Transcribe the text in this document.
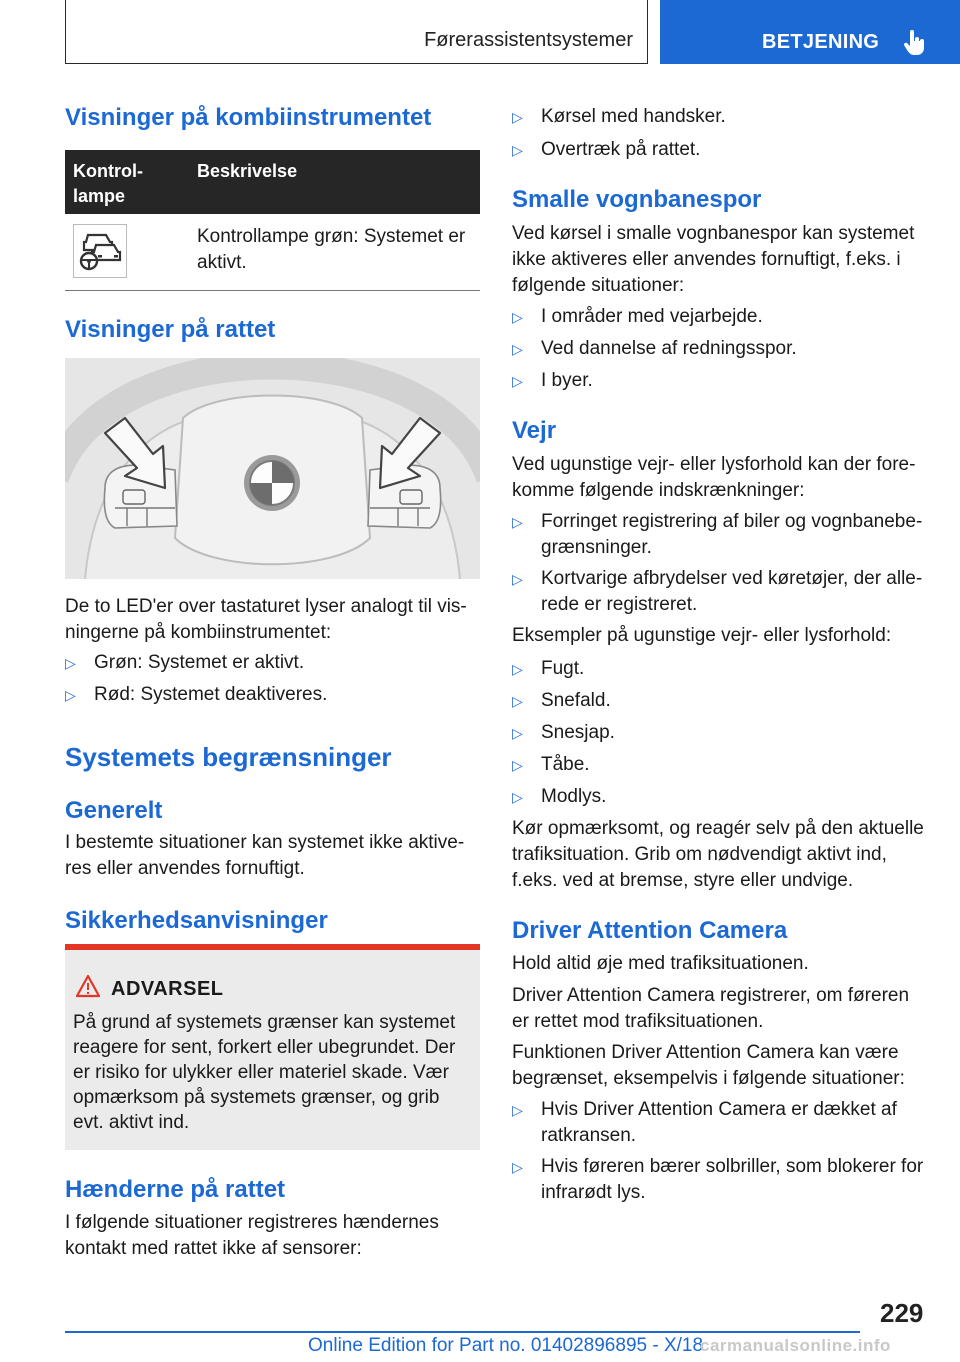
Førerassistentsystemer	BETJENING
Visninger på kombiinstrumentet
Kontrol-
lampe
Beskrivelse

Kontrollampe grøn: Systemet er aktivt.

Visninger på rattet

De to LED'er over tastaturet lyser analogt til vis-ningerne på kombiinstrumentet:

▷ Grøn: Systemet er aktivt.
▷ Rød: Systemet deaktiveres.
Systemets begrænsninger
Generelt

I bestemte situationer kan systemet ikke aktive-res eller anvendes fornuftigt.

Sikkerhedsanvisninger
ADVARSEL
På grund af systemets grænser kan systemet reagere for sent, forkert eller ubegrundet. Der er risiko for ulykker eller materiel skade. Vær opmærksom på systemets grænser, og grib evt. aktivt ind.
Hænderne på rattet

I følgende situationer registreres hændernes kontakt med rattet ikke af sensorer:

▷ Kørsel med handsker.
▷ Overtræk på rattet.
Smalle vognbanespor

Ved kørsel i smalle vognbanespor kan systemet ikke aktiveres eller anvendes fornuftigt, f.eks. i følgende situationer:

▷ I områder med vejarbejde.
▷ Ved dannelse af redningsspor.
▷ I byer.
Vejr

Ved ugunstige vejr- eller lysforhold kan der fore-komme følgende indskrænkninger:

▷ Forringet registrering af biler og vognbanebe-grænsninger.
▷ Kortvarige afbrydelser ved køretøjer, der alle-rede er registreret.

Eksempler på ugunstige vejr- eller lysforhold:

▷ Fugt.
▷ Snefald.
▷ Snesjap.
▷ Tåbe.
▷ Modlys.

Kør opmærksomt, og reagér selv på den aktuelle trafiksituation. Grib om nødvendigt aktivt ind, f.eks. ved at bremse, styre eller undvige.

Driver Attention Camera

Hold altid øje med trafiksituationen.

Driver Attention Camera registrerer, om føreren er rettet mod trafiksituationen.

Funktionen Driver Attention Camera kan være begrænset, eksempelvis i følgende situationer:

▷ Hvis Driver Attention Camera er dækket af ratkransen.
▷ Hvis føreren bærer solbriller, som blokerer for infrarødt lys.
229
Online Edition for Part no. 01402896895 - X/18
carmanualsonline.info
